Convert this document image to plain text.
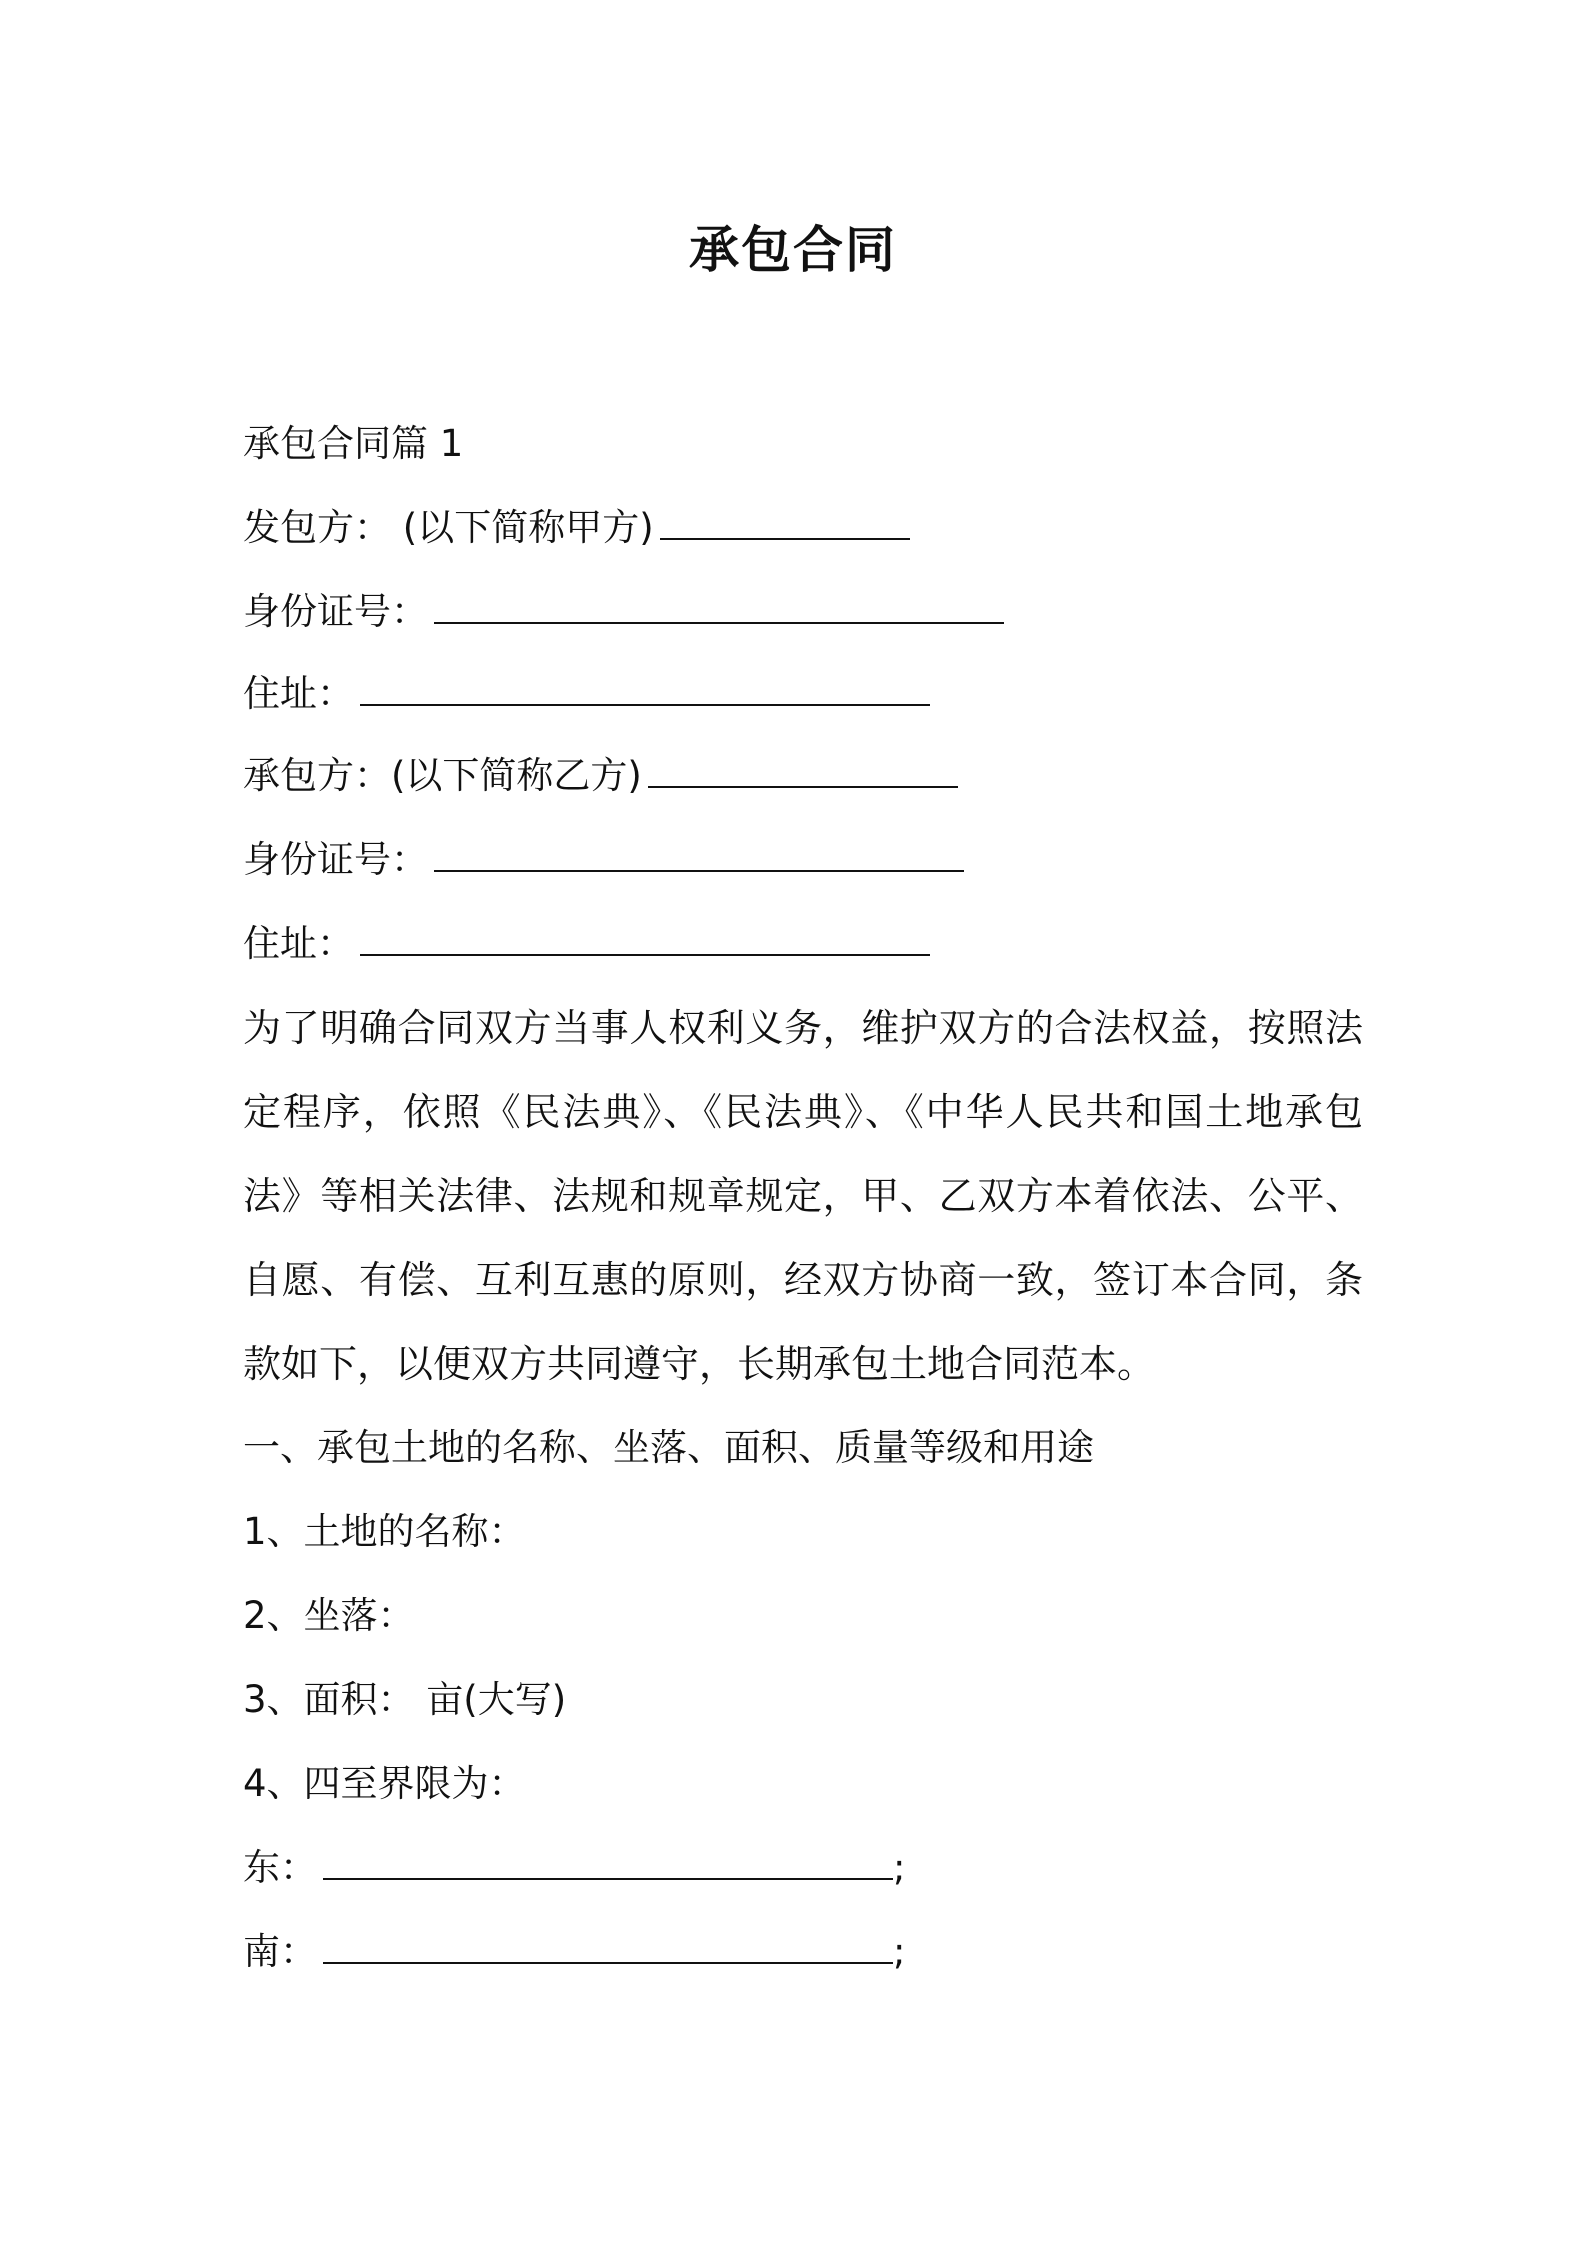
承包合同
承包合同篇 1
发包方： (以下简称甲方)
身份证号：
住址：
承包方：(以下简称乙方)
身份证号：
住址：
为了明确合同双方当事人权利义务，维护双方的合法权益，按照法定程序，依照《民法典》、《民法典》、《中华人民共和国土地承包法》等相关法律、法规和规章规定，甲、乙双方本着依法、公平、自愿、有偿、互利互惠的原则，经双方协商一致，签订本合同，条款如下，以便双方共同遵守，长期承包土地合同范本。
一、承包土地的名称、坐落、面积、质量等级和用途
1、土地的名称：
2、坐落：
3、面积： 亩(大写)
4、四至界限为：
东：	;
南：	;
